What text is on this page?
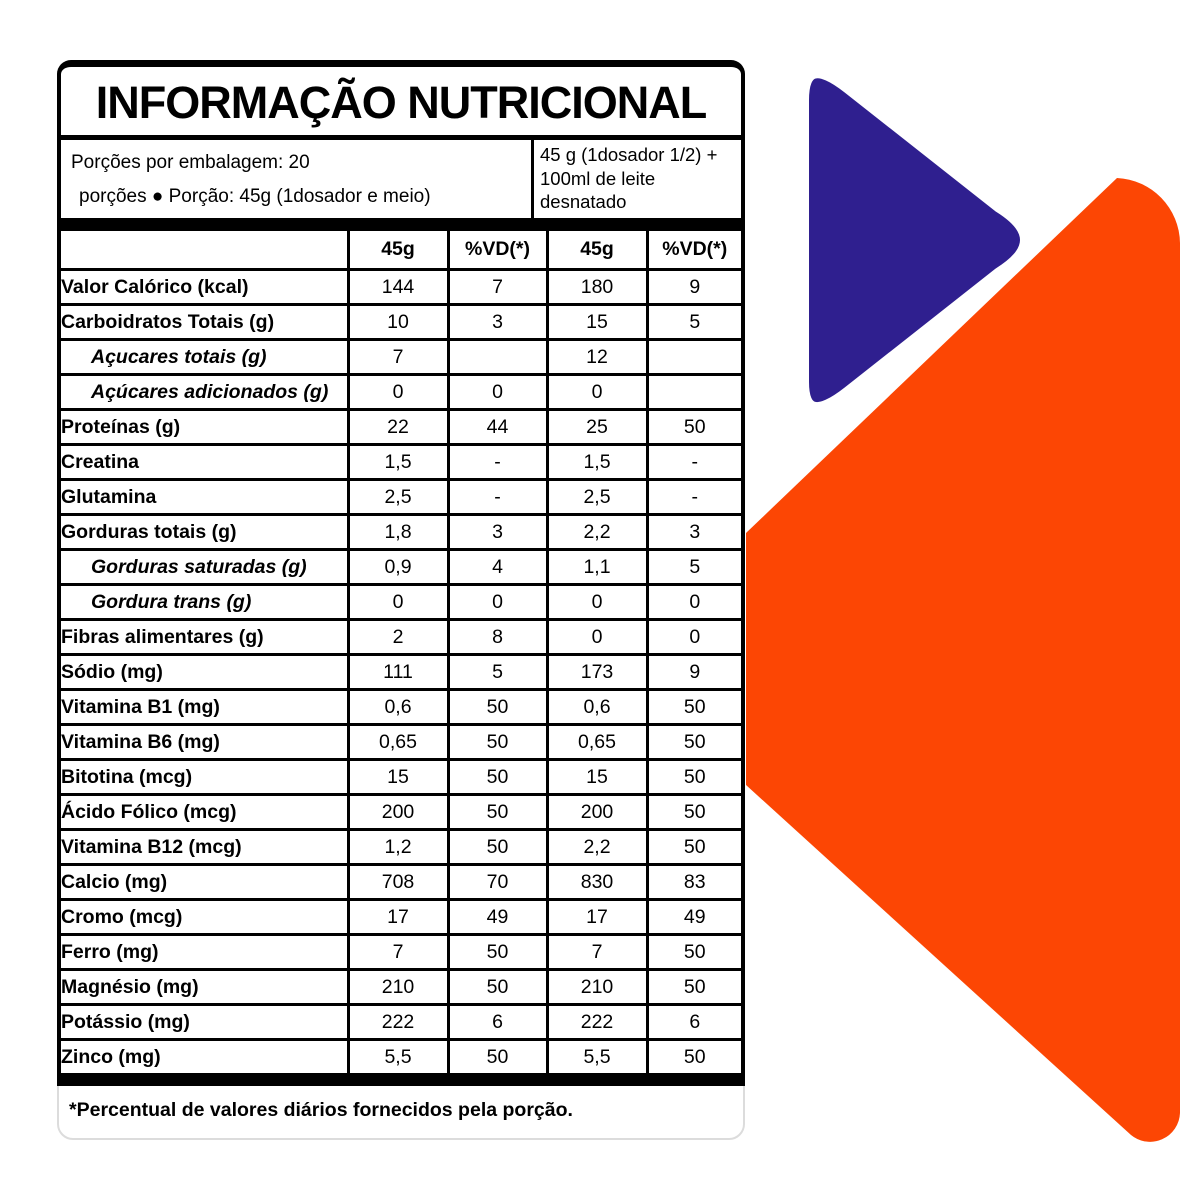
INFORMAÇÃO NUTRICIONAL
Porções por embalagem: 20
porções ● Porção: 45g (1dosador e meio)
45 g (1dosador 1/2) + 100ml de leite desnatado
	45g	%VD(*)	45g	%VD(*)
Valor Calórico (kcal)	144	7	180	9
Carboidratos Totais (g)	10	3	15	5
Açucares totais (g)	7		12	
Açúcares adicionados (g)	0	0	0	
Proteínas (g)	22	44	25	50
Creatina	1,5	-	1,5	-
Glutamina	2,5	-	2,5	-
Gorduras totais (g)	1,8	3	2,2	3
Gorduras saturadas (g)	0,9	4	1,1	5
Gordura trans (g)	0	0	0	0
Fibras alimentares (g)	2	8	0	0
Sódio (mg)	111	5	173	9
Vitamina B1 (mg)	0,6	50	0,6	50
Vitamina B6 (mg)	0,65	50	0,65	50
Bitotina (mcg)	15	50	15	50
Ácido Fólico (mcg)	200	50	200	50
Vitamina B12 (mcg)	1,2	50	2,2	50
Calcio (mg)	708	70	830	83
Cromo (mcg)	17	49	17	49
Ferro (mg)	7	50	7	50
Magnésio (mg)	210	50	210	50
Potássio (mg)	222	6	222	6
Zinco (mg)	5,5	50	5,5	50
*Percentual de valores diários fornecidos pela porção.
